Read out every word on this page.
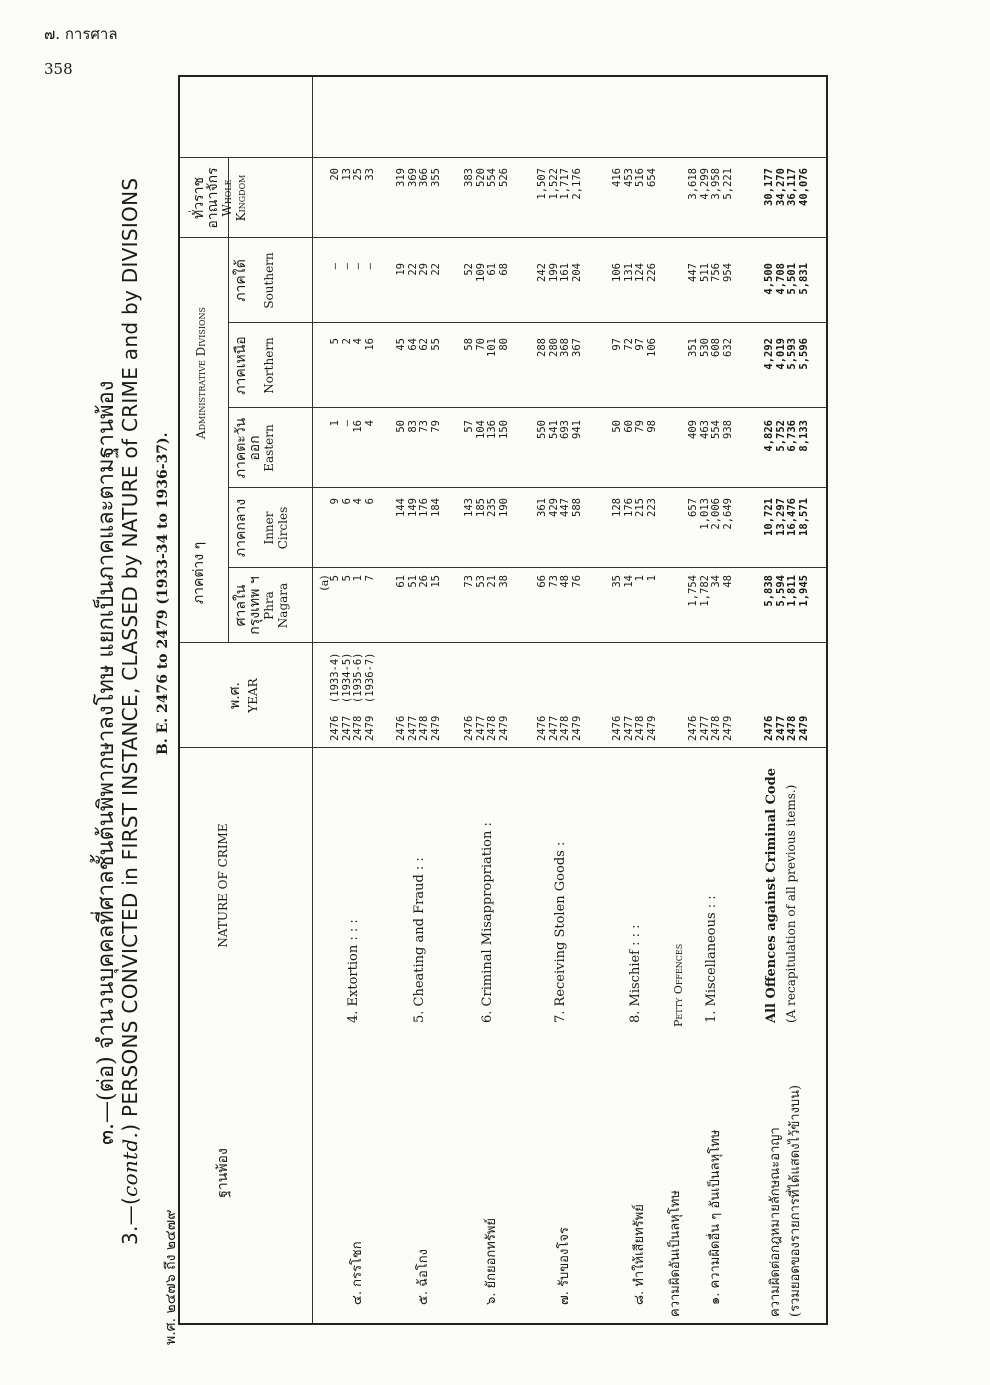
๗. การศาล
358
๓.—(ต่อ) จำนวนบุคคลที่ศาลชั้นต้นพิพากษาลงโทษ แยกเป็นภาคและตามฐานพ้อง
3.—(contd.) PERSONS CONVICTED in FIRST INSTANCE, CLASSED by NATURE of CRIME and by DIVISIONS
พ.ศ. ๒๔๗๖ ถึง ๒๔๗๙
B. E. 2476 to 2479 (1933-34 to 1936-37).
ฐานพ้อง
NATURE OF CRIME
พ.ศ. YEAR
ภาคต่าง ๆ
Administrative Divisions
ศาลใน
กรุงเทพ ฯ Phra Nagara
ภาคกลาง
Inner Circles
ภาคตะวัน
ออก Eastern
ภาคเหนือ
Northern
ภาคใต้
Southern
ทั่วราช
อาณาจักร Whole Kingdom
(a)
๔. กรรโชก
4. Extortion : : :
2476  (1933-4)
2477  (1934-5)
2478  (1935-6)
2479  (1936-7)
5
5
1
7
9
6
4
6
1
—
16
4
5
2
4
16
—
—
—
—
20
13
25
33
๕. ฉ้อโกง
5. Cheating and Fraud : :
2476
2477
2478
2479
61
51
26
15
144
149
176
184
50
83
73
79
45
64
62
55
19
22
29
22
319
369
366
355
๖. ยักยอกทรัพย์
6. Criminal Misappropriation :
2476
2477
2478
2479
73
53
21
38
143
185
235
190
57
104
136
150
58
70
101
80
52
109
61
68
383
520
554
526
๗. รับของโจร
7. Receiving Stolen Goods :
2476
2477
2478
2479
66
73
48
76
361
429
447
588
550
541
693
941
288
280
368
367
242
199
161
204
1,507
1,522
1,717
2,176
๘. ทำให้เสียทรัพย์
8. Mischief : : :
2476
2477
2478
2479
35
14
1
1
128
176
215
223
50
60
79
98
97
72
97
106
106
131
124
226
416
453
516
654
ความผิดอันเป็นลหุโทษ
Petty Offences
๑. ความผิดอื่น ๆ อันเป็นลหุโทษ
1. Miscellaneous : :
2476
2477
2478
2479
1,754
1,782
34
48
657
1,013
2,006
2,649
409
463
554
938
351
530
608
632
447
511
756
954
3,618
4,299
3,958
5,221
ความผิดต่อกฎหมายลักษณะอาญา (รวมยอดของรายการที่ได้แสดงไว้ข้างบน)
All Offences against Criminal Code (A recapitulation of all previous items.)
2476
2477
2478
2479
5,838
5,594
1,811
1,945
10,721
13,297
16,476
18,571
4,826
5,752
6,736
8,133
4,292
4,019
5,593
5,596
4,500
4,708
5,501
5,831
30,177
34,270
36,117
40,076
